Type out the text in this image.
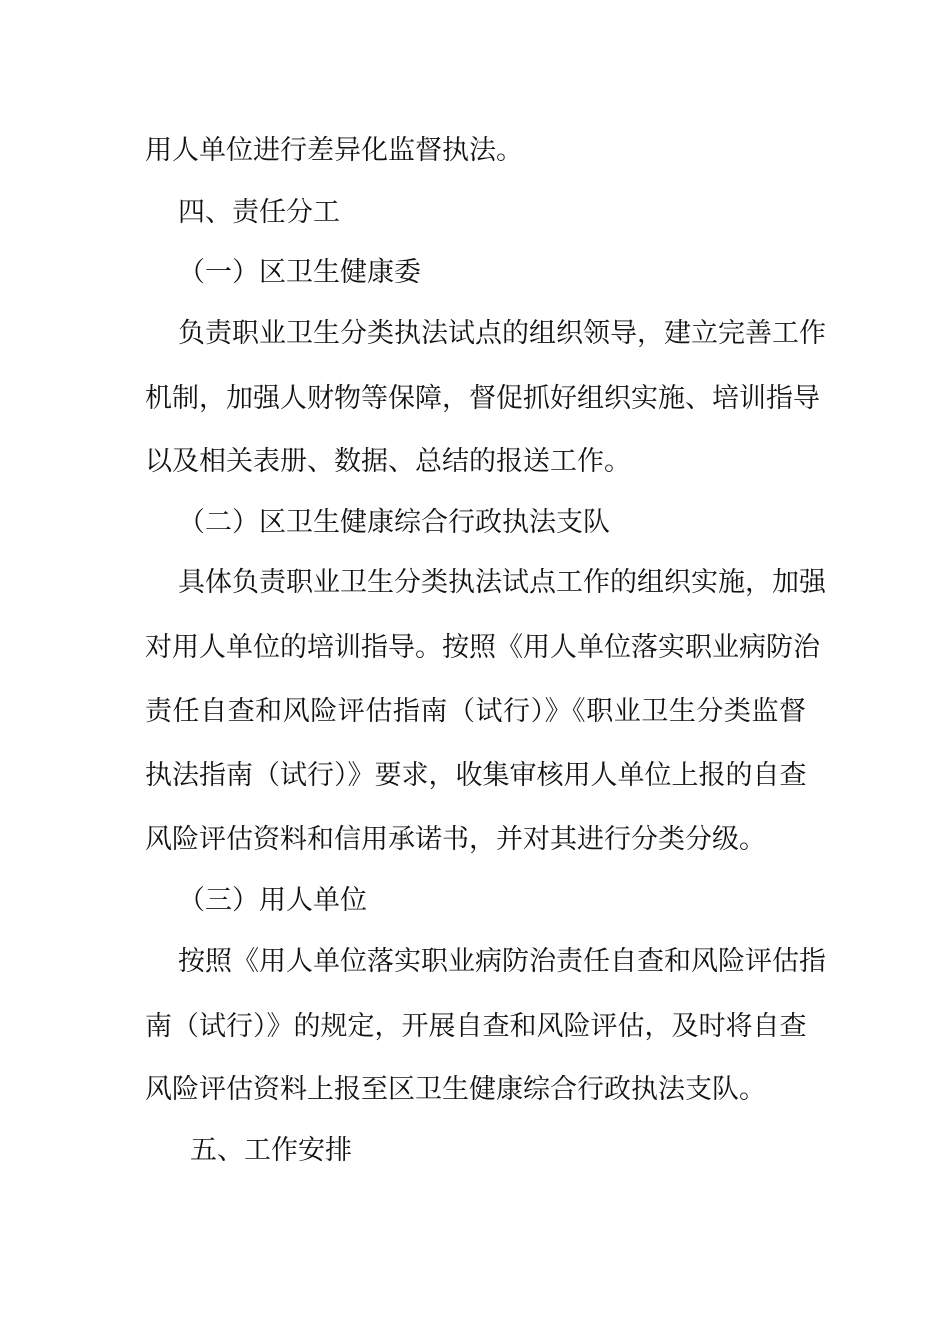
用人单位进行差异化监督执法。
四、责任分工
（一）区卫生健康委
负责职业卫生分类执法试点的组织领导，建立完善工作
机制，加强人财物等保障，督促抓好组织实施、培训指导
以及相关表册、数据、总结的报送工作。
（二）区卫生健康综合行政执法支队
具体负责职业卫生分类执法试点工作的组织实施，加强
对用人单位的培训指导。按照《用人单位落实职业病防治
责任自查和风险评估指南（试行）》《职业卫生分类监督
执法指南（试行）》要求，收集审核用人单位上报的自查
风险评估资料和信用承诺书，并对其进行分类分级。
（三）用人单位
按照《用人单位落实职业病防治责任自查和风险评估指
南（试行）》的规定，开展自查和风险评估，及时将自查
风险评估资料上报至区卫生健康综合行政执法支队。
五、工作安排
